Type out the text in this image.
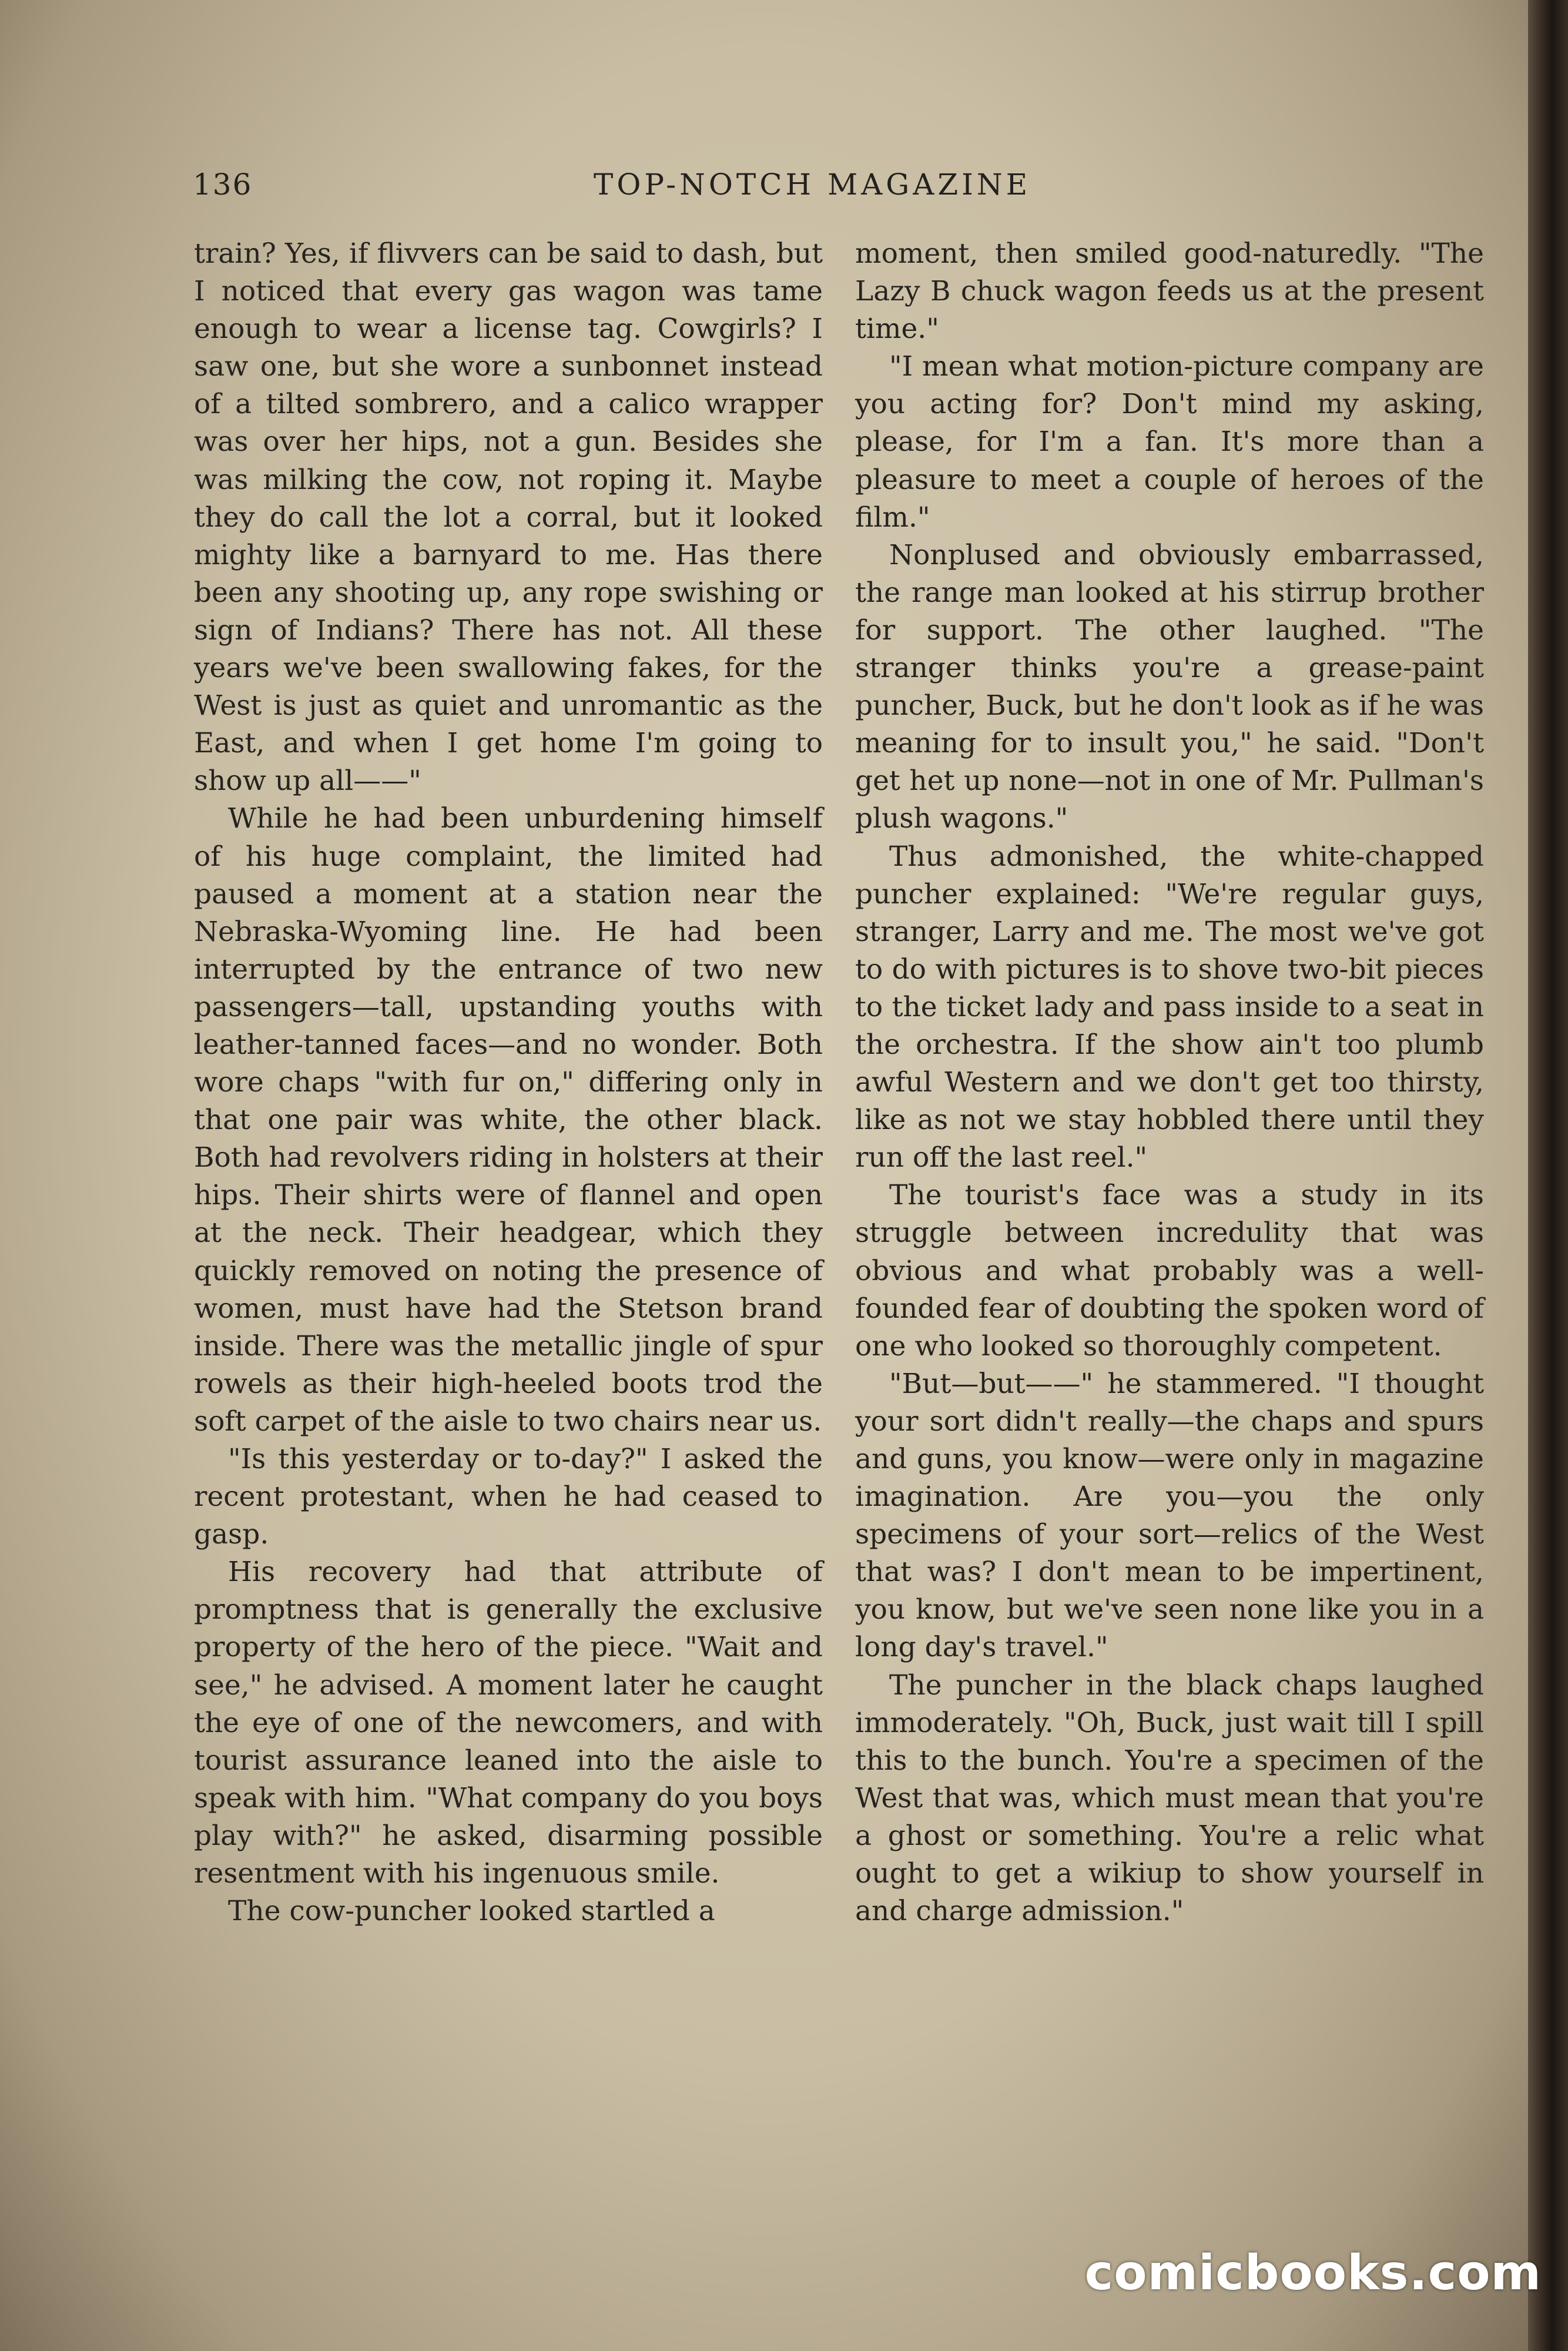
136	TOP-NOTCH MAGAZINE

train? Yes, if flivvers can be said to dash, but I noticed that every gas wagon was tame enough to wear a license tag. Cowgirls? I saw one, but she wore a sunbonnet instead of a tilted sombrero, and a calico wrapper was over her hips, not a gun. Besides she was milking the cow, not roping it. Maybe they do call the lot a corral, but it looked mighty like a barnyard to me. Has there been any shooting up, any rope swishing or sign of Indians? There has not. All these years we've been swallowing fakes, for the West is just as quiet and unromantic as the East, and when I get home I'm going to show up all——"

While he had been unburdening himself of his huge complaint, the limited had paused a moment at a station near the Nebraska-Wyoming line. He had been interrupted by the entrance of two new passengers—tall, upstanding youths with leather-tanned faces—and no wonder. Both wore chaps "with fur on," differing only in that one pair was white, the other black. Both had revolvers riding in holsters at their hips. Their shirts were of flannel and open at the neck. Their headgear, which they quickly removed on noting the presence of women, must have had the Stetson brand inside. There was the metallic jingle of spur rowels as their high-heeled boots trod the soft carpet of the aisle to two chairs near us.

"Is this yesterday or to-day?" I asked the recent protestant, when he had ceased to gasp.

His recovery had that attribute of promptness that is generally the exclusive property of the hero of the piece. "Wait and see," he advised. A moment later he caught the eye of one of the newcomers, and with tourist assurance leaned into the aisle to speak with him. "What company do you boys play with?" he asked, disarming possible resentment with his ingenuous smile.

The cow-puncher looked startled a

moment, then smiled good-naturedly. "The Lazy B chuck wagon feeds us at the present time."

"I mean what motion-picture company are you acting for? Don't mind my asking, please, for I'm a fan. It's more than a pleasure to meet a couple of heroes of the film."

Nonplused and obviously embarrassed, the range man looked at his stirrup brother for support. The other laughed. "The stranger thinks you're a grease-paint puncher, Buck, but he don't look as if he was meaning for to insult you," he said. "Don't get het up none—not in one of Mr. Pullman's plush wagons."

Thus admonished, the white-chapped puncher explained: "We're regular guys, stranger, Larry and me. The most we've got to do with pictures is to shove two-bit pieces to the ticket lady and pass inside to a seat in the orchestra. If the show ain't too plumb awful Western and we don't get too thirsty, like as not we stay hobbled there until they run off the last reel."

The tourist's face was a study in its struggle between incredulity that was obvious and what probably was a well-founded fear of doubting the spoken word of one who looked so thoroughly competent.

"But—but——" he stammered. "I thought your sort didn't really—the chaps and spurs and guns, you know—were only in magazine imagination. Are you—you the only specimens of your sort—relics of the West that was? I don't mean to be impertinent, you know, but we've seen none like you in a long day's travel."

The puncher in the black chaps laughed immoderately. "Oh, Buck, just wait till I spill this to the bunch. You're a specimen of the West that was, which must mean that you're a ghost or something. You're a relic what ought to get a wikiup to show yourself in and charge admission."

comicbooks.com
